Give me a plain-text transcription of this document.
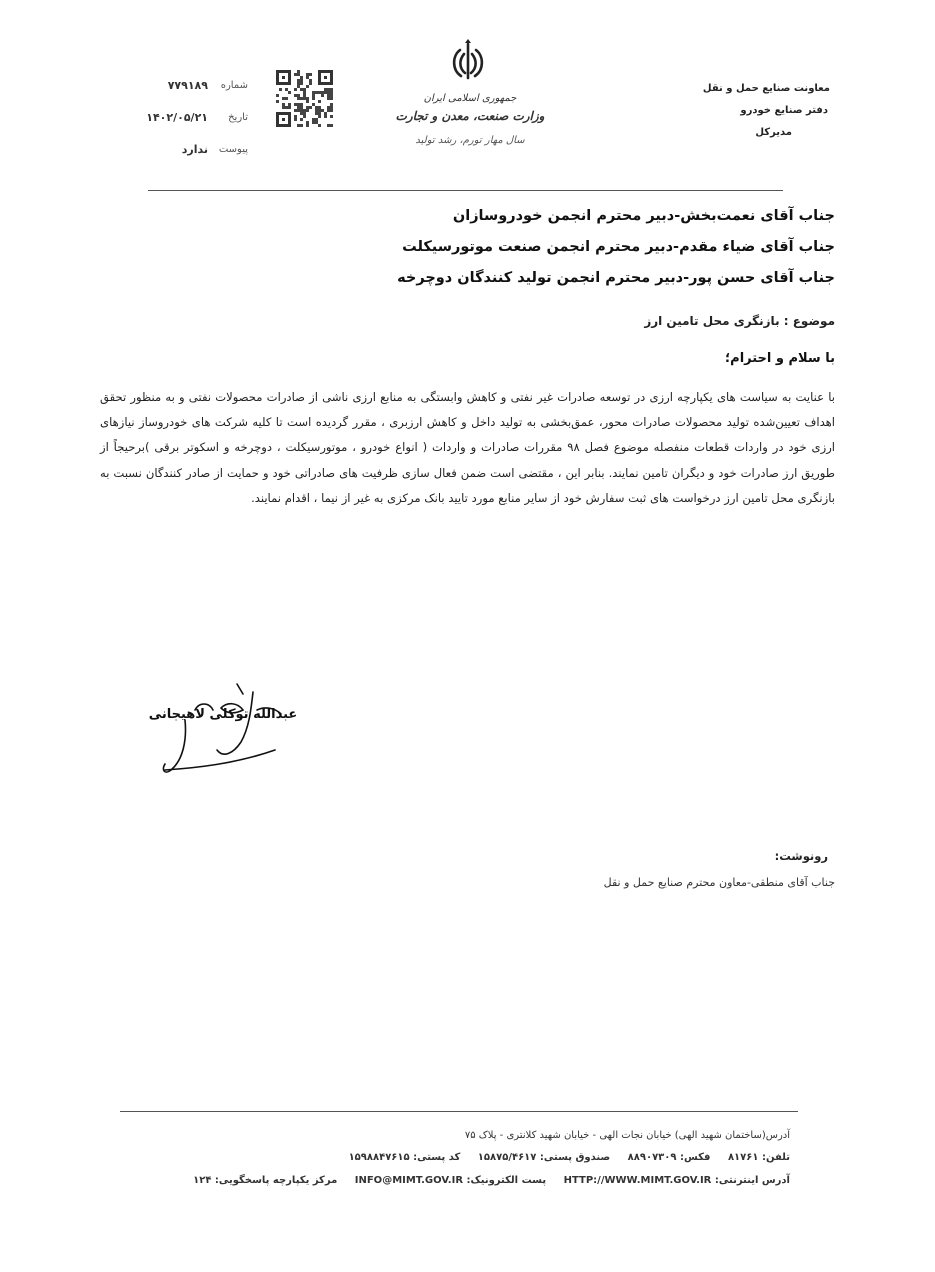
معاونت صنایع حمل و نقل
دفتر صنایع خودرو
مدیرکل
جمهوری اسلامی ایران
وزارت صنعت، معدن و تجارت
سال مهار تورم، رشد تولید
شماره
۷۷۹۱۸۹
تاریخ
۱۴۰۲/۰۵/۲۱
پیوست
ندارد
جناب آقای نعمت‌بخش-دبیر محترم انجمن خودروسازان
جناب آقای ضیاء مقدم-دبیر محترم انجمن صنعت موتورسیکلت
جناب آقای حسن پور-دبیر محترم انجمن تولید کنندگان دوچرخه
موضوع : بازنگری محل تامین ارز
با سلام و احترام؛
با عنایت به سیاست های یکپارچه ارزی در توسعه صادرات غیر نفتی و کاهش وابستگی به منابع ارزی ناشی از صادرات محصولات نفتی و به منظور تحقق اهداف تعیین‌شده تولید محصولات صادرات محور، عمق‌بخشی به تولید داخل و کاهش ارزبری ، مقرر گردیده است تا کلیه شرکت های خودروساز نیازهای ارزی خود در واردات قطعات منفصله موضوع فصل ۹۸ مقررات صادرات و واردات ( انواع خودرو ، موتورسیکلت ، دوچرخه و اسکوتر برقی )برحیجاً از طوریق ارز صادرات خود و دیگران تامین نمایند. بنابر این ، مقتضی است ضمن فعال سازی ظرفیت های صادراتی خود و حمایت از صادر کنندگان نسبت به بازنگری محل تامین ارز درخواست های ثبت سفارش خود از سایر منابع مورد تایید بانک مرکزی به غیر از نیما ، اقدام نمایند.
عبدالله توکلی لاهیجانی
رونوشت:
جناب آقای منطقی-معاون محترم صنایع حمل و نقل
آدرس(ساختمان شهید الهی) خیابان نجات الهی - خیابان شهید کلانتری - پلاک ۷۵
تلفن: ۸۱۷۶۱ فکس: ۸۸۹۰۷۳۰۹ صندوق پستی: ۱۵۸۷۵/۴۶۱۷ کد پستی: ۱۵۹۸۸۴۷۶۱۵
آدرس اینترنتی: HTTP://WWW.MIMT.GOV.IR پست الکترونیک: INFO@MIMT.GOV.IR مرکز یکپارچه پاسخگویی: ۱۲۴
